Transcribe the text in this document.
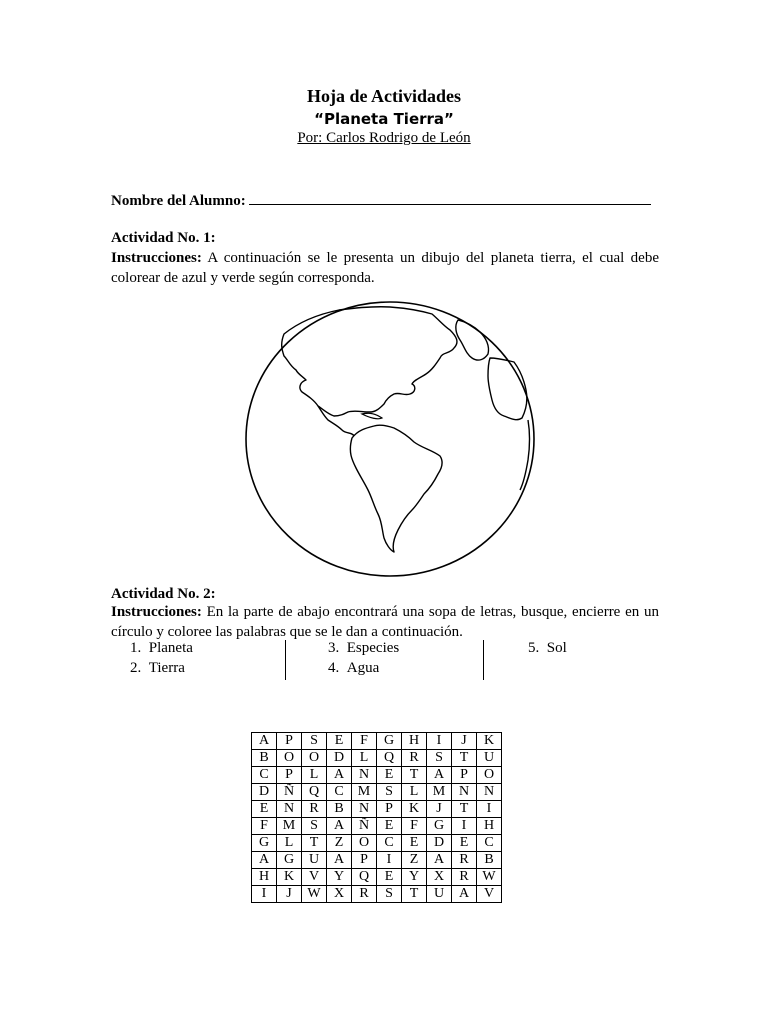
Hoja de Actividades
“Planeta Tierra”
Por: Carlos Rodrigo de León
Nombre del Alumno:
Actividad No. 1:
Instrucciones: A continuación se le presenta un dibujo del planeta tierra, el cual debe colorear de azul y verde según corresponda.
Actividad No. 2:
Instrucciones: En la parte de abajo encontrará una sopa de letras, busque, encierre en un círculo y coloree las palabras que se le dan a continuación.
1. Planeta
2. Tierra
3. Especies
4. Agua
5. Sol
A	P	S	E	F	G	H	I	J	K
B	O	O	D	L	Q	R	S	T	U
C	P	L	A	N	E	T	A	P	O
D	Ñ	Q	C	M	S	L	M	N	N
E	N	R	B	N	P	K	J	T	I
F	M	S	A	Ñ	E	F	G	I	H
G	L	T	Z	O	C	E	D	E	C
A	G	U	A	P	I	Z	A	R	B
H	K	V	Y	Q	E	Y	X	R	W
I	J	W	X	R	S	T	U	A	V
